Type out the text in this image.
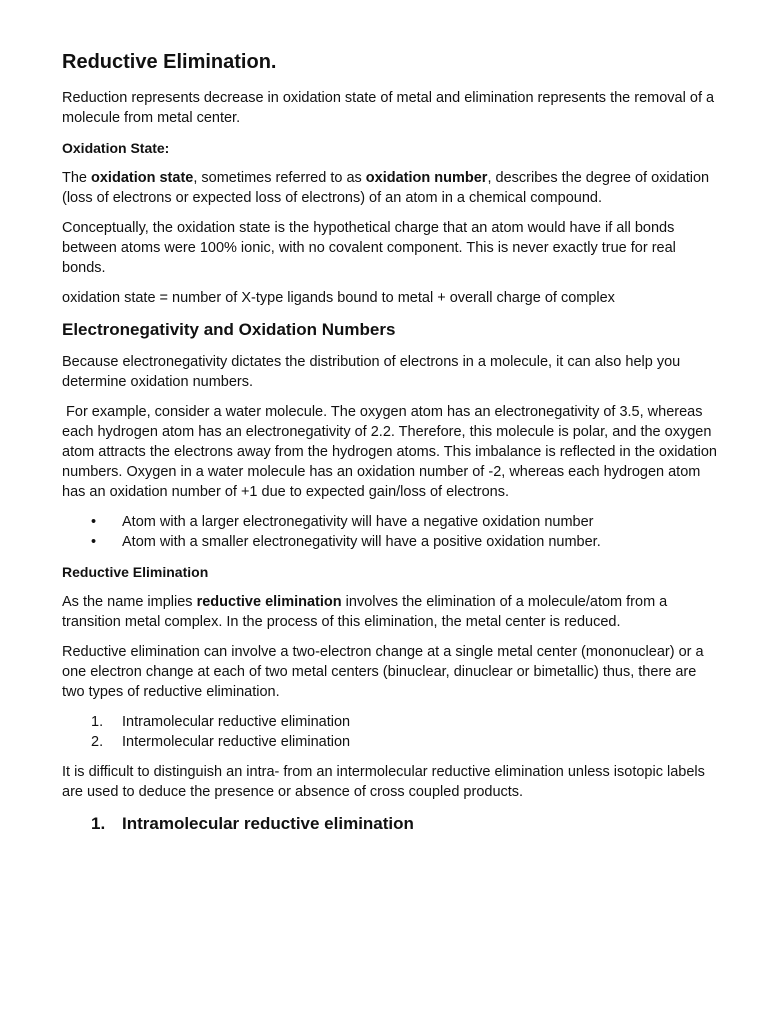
Reductive Elimination.

Reduction represents decrease in oxidation state of metal and elimination represents the removal of a molecule from metal center.

Oxidation State:

The oxidation state, sometimes referred to as oxidation number, describes the degree of oxidation (loss of electrons or expected loss of electrons) of an atom in a chemical compound.

Conceptually, the oxidation state is the hypothetical charge that an atom would have if all bonds between atoms were 100% ionic, with no covalent component. This is never exactly true for real bonds.

oxidation state = number of X-type ligands bound to metal + overall charge of complex

Electronegativity and Oxidation Numbers

Because electronegativity dictates the distribution of electrons in a molecule, it can also help you determine oxidation numbers.

For example, consider a water molecule. The oxygen atom has an electronegativity of 3.5, whereas each hydrogen atom has an electronegativity of 2.2. Therefore, this molecule is polar, and the oxygen atom attracts the electrons away from the hydrogen atoms. This imbalance is reflected in the oxidation numbers. Oxygen in a water molecule has an oxidation number of -2, whereas each hydrogen atom has an oxidation number of +1 due to expected gain/loss of electrons.

• Atom with a larger electronegativity will have a negative oxidation number
• Atom with a smaller electronegativity will have a positive oxidation number.
Reductive Elimination

As the name implies reductive elimination involves the elimination of a molecule/atom from a transition metal complex. In the process of this elimination, the metal center is reduced.

Reductive elimination can involve a two-electron change at a single metal center (mononuclear) or a one electron change at each of two metal centers (binuclear, dinuclear or bimetallic) thus, there are two types of reductive elimination.

1. Intramolecular reductive elimination
2. Intermolecular reductive elimination

It is difficult to distinguish an intra- from an intermolecular reductive elimination unless isotopic labels are used to deduce the presence or absence of cross coupled products.

1. Intramolecular reductive elimination
